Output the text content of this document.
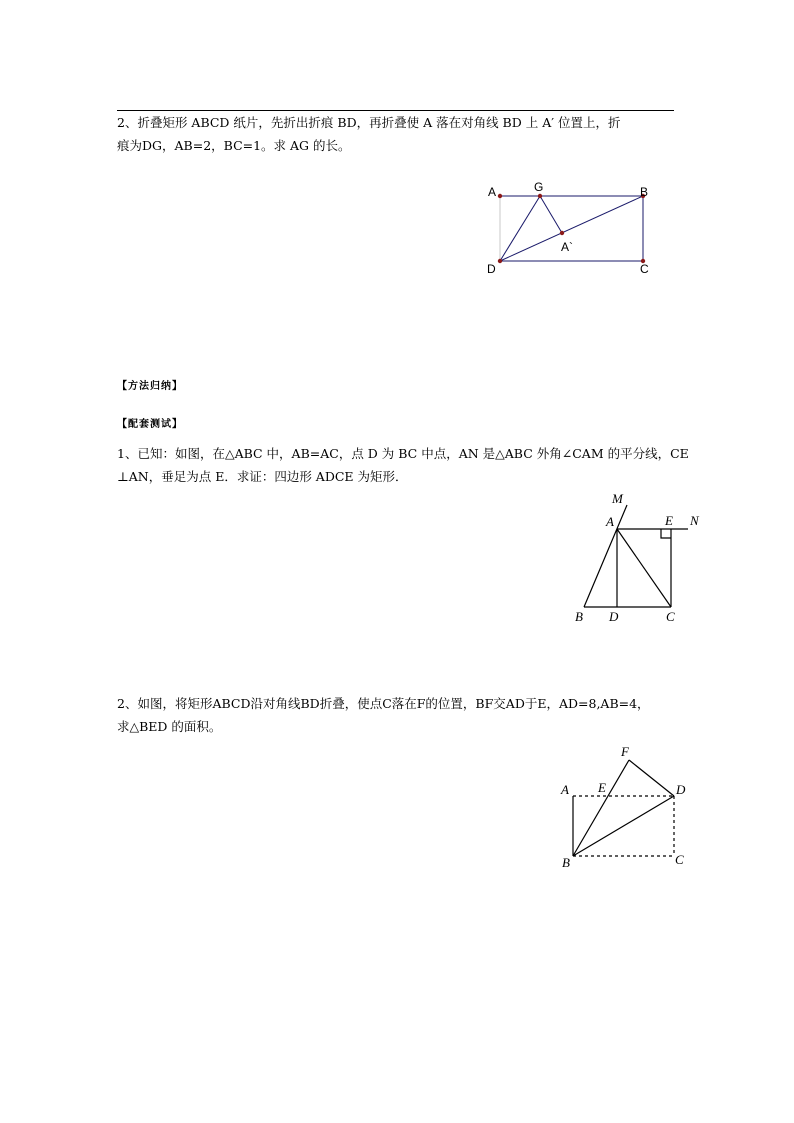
2、折叠矩形 ABCD 纸片，先折出折痕 BD，再折叠使 A 落在对角线 BD 上 A′ 位置上，折
痕为DG，AB=2，BC=1。求 AG 的长。
A	G	B
A`
D	C
M
A	E N
B D	C
F
A E	D
B	C
【方法归纳】
【配套测试】
1、已知：如图，在△ABC 中，AB=AC，点 D 为 BC 中点，AN 是△ABC 外角∠CAM 的平分线，CE
⊥AN，垂足为点 E．求证：四边形 ADCE 为矩形．
2、如图，将矩形ABCD沿对角线BD折叠，使点C落在F的位置，BF交AD于E，AD=8,AB=4，
求△BED 的面积。
